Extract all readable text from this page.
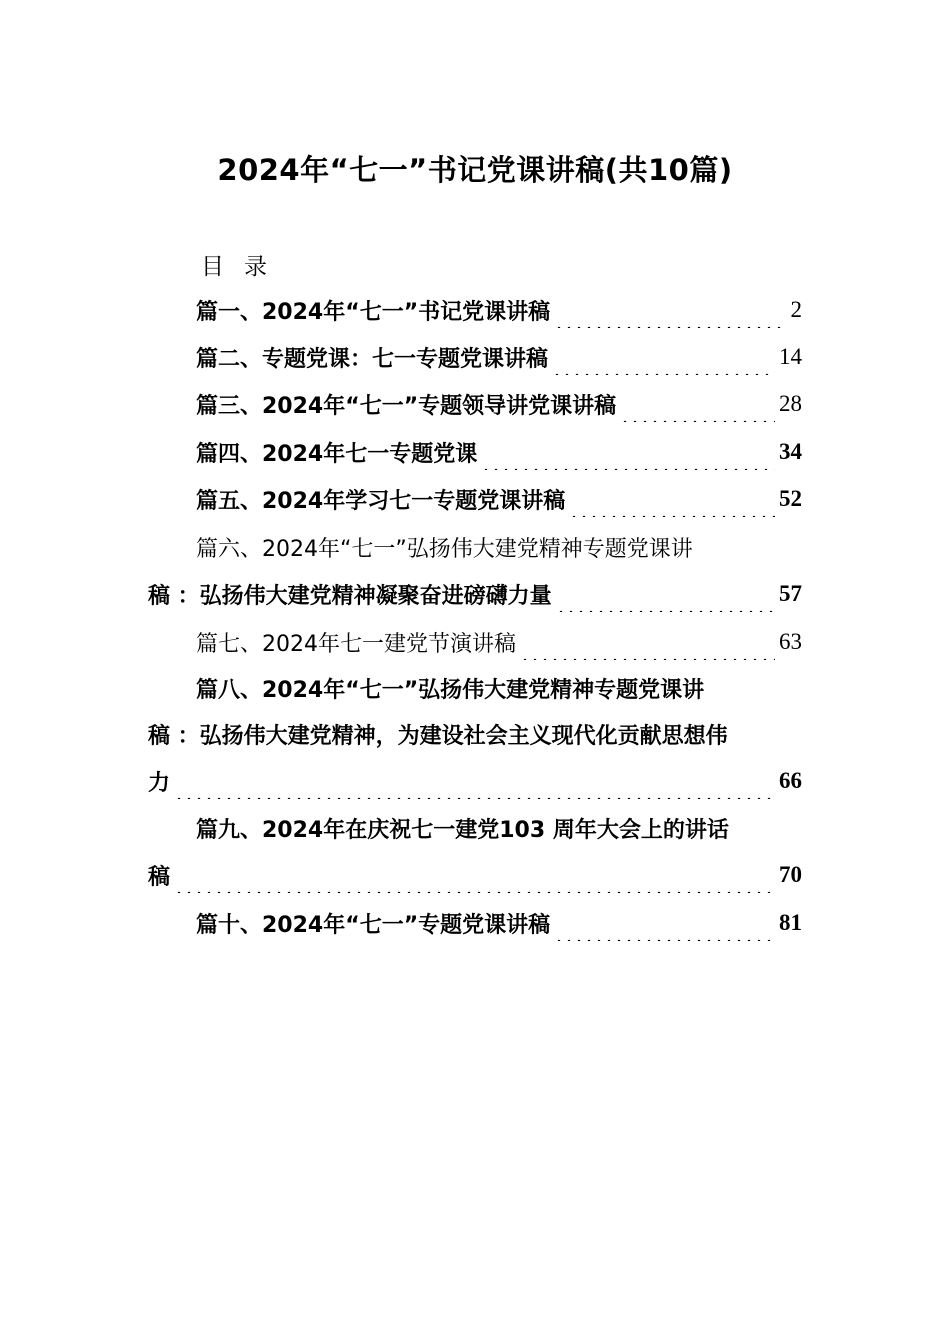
2024年“七一”书记党课讲稿(共10篇)
目录
篇一、2024年“七一”书记党课讲稿	2
篇二、专题党课：七一专题党课讲稿	14
篇三、2024年“七一”专题领导讲党课讲稿	28
篇四、2024年七一专题党课	34
篇五、2024年学习七一专题党课讲稿	52
篇六、2024年“七一”弘扬伟大建党精神专题党课讲
稿 ：弘扬伟大建党精神凝聚奋进磅礴力量	57
篇七、2024年七一建党节演讲稿	63
篇八、2024年“七一”弘扬伟大建党精神专题党课讲
稿 ：弘扬伟大建党精神，为建设社会主义现代化贡献思想伟
力	66
篇九、2024年在庆祝七一建党103 周年大会上的讲话
稿	70
篇十、2024年“七一”专题党课讲稿	81
